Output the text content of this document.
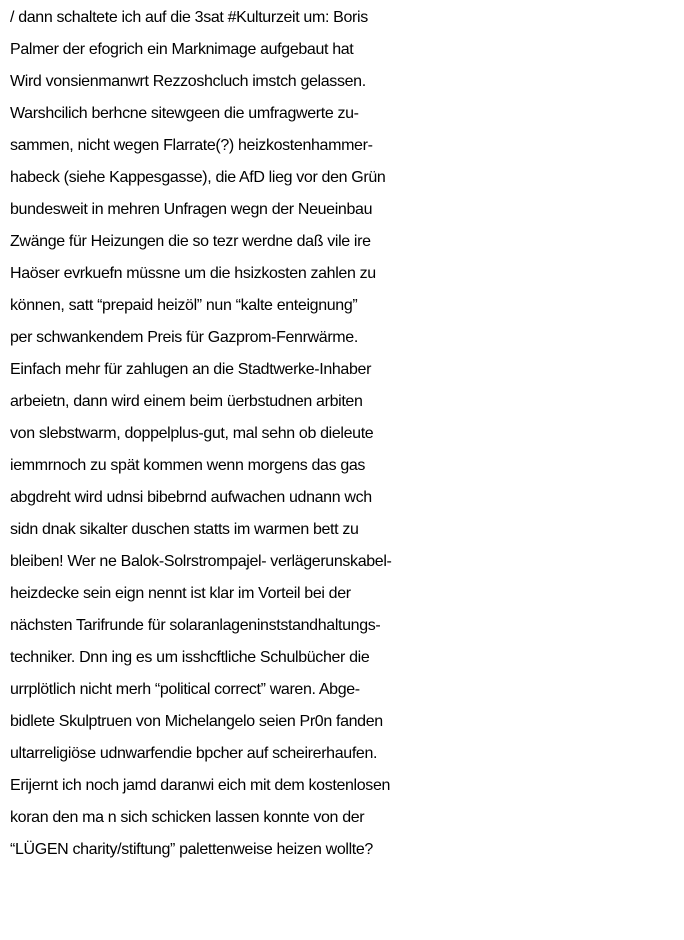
/ dann schaltete ich auf die 3sat #Kulturzeit um: Boris
Palmer der efogrich ein Marknimage aufgebaut hat
Wird vonsienmanwrt Rezzoshcluch imstch gelassen.
Warshcilich berhcne sitewgeen die umfragwerte zu-
sammen, nicht wegen Flarrate(?) heizkostenhammer-
habeck (siehe Kappesgasse), die AfD lieg vor den Grün
bundesweit in mehren Unfragen wegn der Neueinbau
Zwänge für Heizungen die so tezr werdne daß vile ire
Haöser evrkuefn müssne um die hsizkosten zahlen zu
können, satt “prepaid heizöl” nun “kalte enteignung”
per schwankendem Preis für Gazprom-Fenrwärme.
Einfach mehr für zahlugen an die Stadtwerke-Inhaber
arbeietn, dann wird einem beim üerbstudnen arbiten
von slebstwarm, doppelplus-gut, mal sehn ob dieleute
iemmrnoch zu spät kommen wenn morgens das gas
abgdreht wird udnsi bibebrnd aufwachen udnann wch
sidn dnak sikalter duschen statts im warmen bett zu
bleiben! Wer ne Balok-Solrstrompajel- verlägerunskabel-
heizdecke sein eign nennt ist klar im Vorteil bei der
nächsten Tarifrunde für solaranlageninststandhaltungs-
techniker. Dnn ing es um isshcftliche Schulbücher die
urrplötlich nicht merh “political correct” waren. Abge-
bidlete Skulptruen von Michelangelo seien Pr0n fanden
ultarreligiöse udnwarfendie bpcher auf scheirerhaufen.
Erijernt ich noch jamd daranwi eich mit dem kostenlosen
koran den ma n sich schicken lassen konnte von der
“LÜGEN charity/stiftung” palettenweise heizen wollte?
